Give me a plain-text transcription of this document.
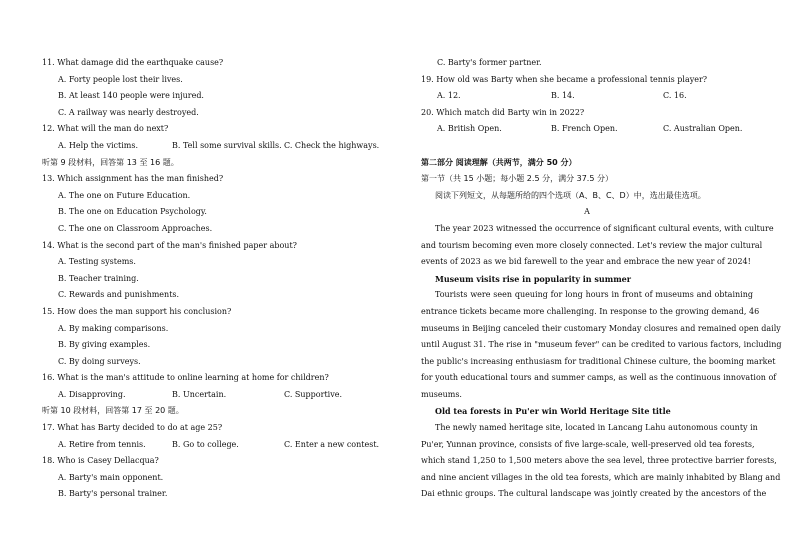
11. What damage did the earthquake cause?
A. Forty people lost their lives.
B. At least 140 people were injured.
C. A railway was nearly destroyed.
12. What will the man do next?
A. Help the victims.	B. Tell some survival skills. C. Check the highways.
听第 9 段材料，回答第 13 至 16 题。
13. Which assignment has the man finished?
A. The one on Future Education.
B. The one on Education Psychology.
C. The one on Classroom Approaches.
14. What is the second part of the man's finished paper about?
A. Testing systems.
B. Teacher training.
C. Rewards and punishments.
15. How does the man support his conclusion?
A. By making comparisons.
B. By giving examples.
C. By doing surveys.
16. What is the man's attitude to online learning at home for children?
A. Disapproving.	B. Uncertain.	C. Supportive.
听第 10 段材料，回答第 17 至 20 题。
17. What has Barty decided to do at age 25?
A. Retire from tennis.	B. Go to college.	C. Enter a new contest.
18. Who is Casey Dellacqua?
A. Barty's main opponent.
B. Barty's personal trainer.
C. Barty's former partner.
19. How old was Barty when she became a professional tennis player?
A. 12.	B. 14.	C. 16.
20. Which match did Barty win in 2022?
A. British Open.	B. French Open.	C. Australian Open.
第二部分 阅读理解（共两节，满分 50 分）
第一节（共 15 小题；每小题 2.5 分，满分 37.5 分）
阅读下列短文，从每题所给的四个选项（A、B、C、D）中，选出最佳选项。
A
The year 2023 witnessed the occurrence of significant cultural events, with culture
and tourism becoming even more closely connected. Let's review the major cultural
events of 2023 as we bid farewell to the year and embrace the new year of 2024!
Museum visits rise in popularity in summer
Tourists were seen queuing for long hours in front of museums and obtaining
entrance tickets became more challenging. In response to the growing demand, 46
museums in Beijing canceled their customary Monday closures and remained open daily
until August 31. The rise in "museum fever" can be credited to various factors, including
the public's increasing enthusiasm for traditional Chinese culture, the booming market
for youth educational tours and summer camps, as well as the continuous innovation of
museums.
Old tea forests in Pu'er win World Heritage Site title
The newly named heritage site, located in Lancang Lahu autonomous county in
Pu'er, Yunnan province, consists of five large-scale, well-preserved old tea forests,
which stand 1,250 to 1,500 meters above the sea level, three protective barrier forests,
and nine ancient villages in the old tea forests, which are mainly inhabited by Blang and
Dai ethnic groups. The cultural landscape was jointly created by the ancestors of the
